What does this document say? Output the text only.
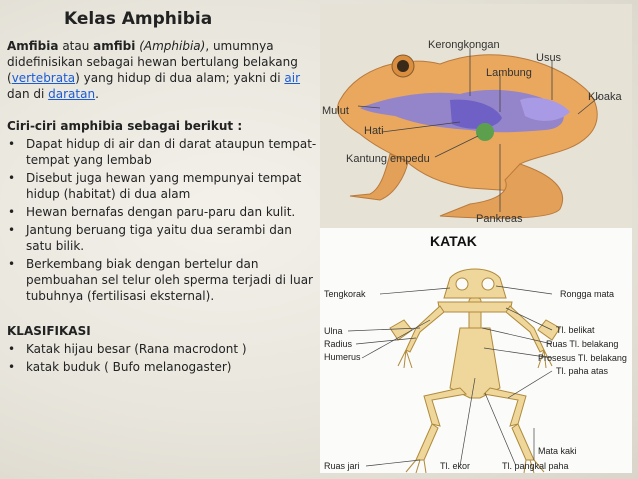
Kelas Amphibia
Amfibia atau amfibi (Amphibia), umumnya didefinisikan sebagai hewan bertulang belakang (vertebrata) yang hidup di dua alam; yakni di air dan di daratan.
Ciri-ciri amphibia sebagai berikut :
• Dapat hidup di air dan di darat ataupun tempat-tempat yang lembab
• Disebut juga hewan yang mempunyai tempat hidup (habitat) di dua alam
• Hewan bernafas dengan paru-paru dan kulit.
• Jantung beruang tiga yaitu dua serambi dan satu bilik.
• Berkembang biak dengan bertelur dan pembuahan sel telur oleh sperma terjadi di luar tubuhnya (fertilisasi eksternal).
KLASIFIKASI
• Katak hijau besar (Rana macrodont )
• katak buduk ( Bufo melanogaster)
Kerongkongan
Usus
Lambung
Mulut
Kloaka
Hati
Kantung empedu
Pankreas
KATAK
Tengkorak	Rongga mata
Ulna
Radius
Humerus
Tl. belikat
Ruas Tl. belakang
Prosesus Tl. belakang
Tl. paha atas
Mata kaki
Ruas jari	Tl. ekor	Tl. pangkal paha
